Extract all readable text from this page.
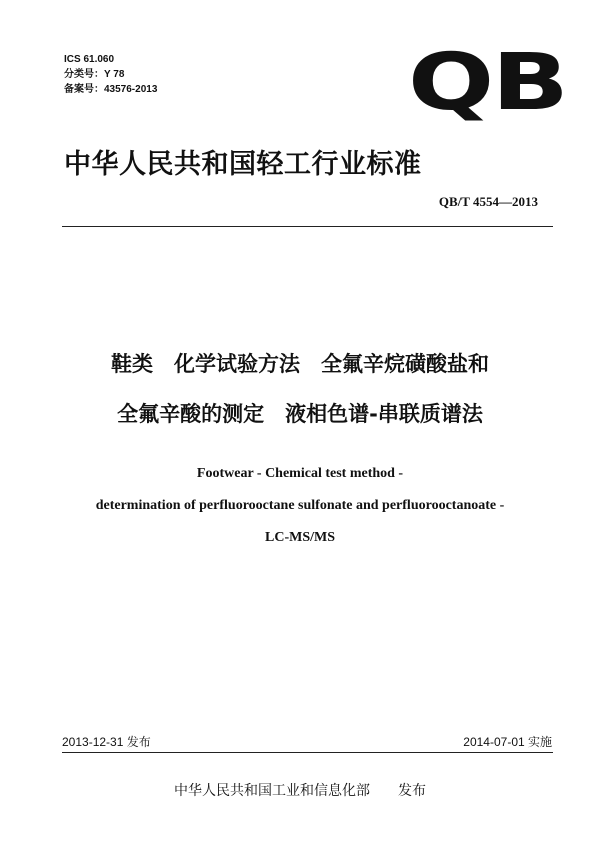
ICS 61.060
分类号：Y 78
备案号：43576-2013	QB
中华人民共和国轻工行业标准
QB/T 4554—2013
鞋类　化学试验方法　全氟辛烷磺酸盐和
全氟辛酸的测定　液相色谱-串联质谱法
Footwear - Chemical test method -
determination of perfluorooctane sulfonate and perfluorooctanoate -
LC-MS/MS
2013-12-31 发布	2014-07-01 实施
中华人民共和国工业和信息化部　　发布
